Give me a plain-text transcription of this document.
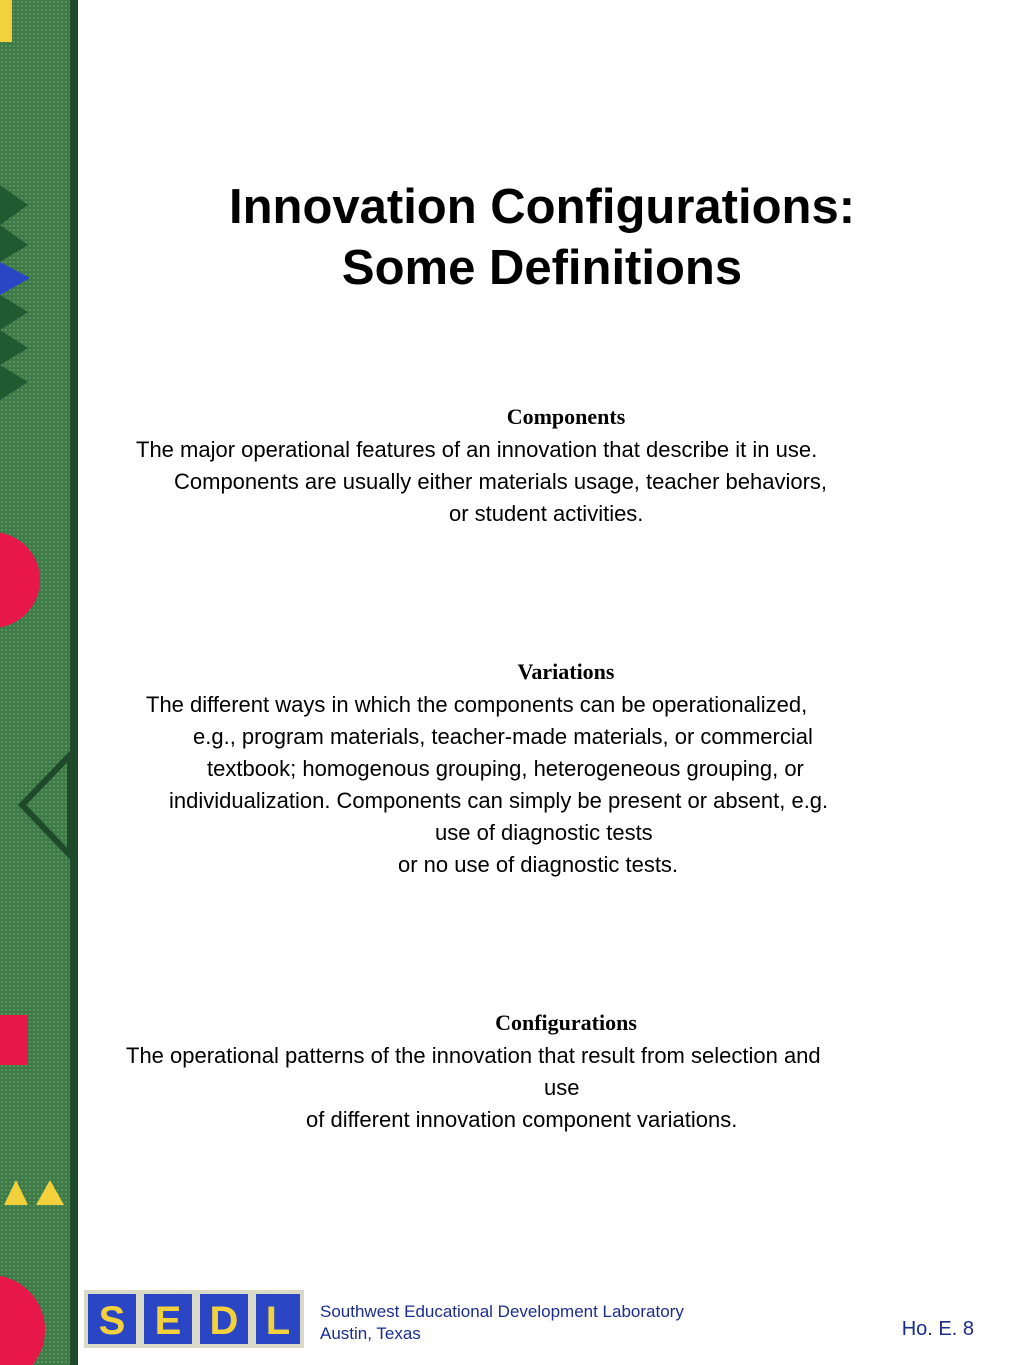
Innovation Configurations:
Some Definitions
Components
The major operational features of an innovation that describe it in use.
Components are usually either materials usage, teacher behaviors,
or student activities.
Variations
The different ways in which the components can be operationalized,
e.g., program materials, teacher-made materials, or commercial
textbook; homogenous grouping, heterogeneous grouping, or
individualization. Components can simply be present or absent, e.g.
use of diagnostic tests
or no use of diagnostic tests.
Configurations
The operational patterns of the innovation that result from selection and
use
of different innovation component variations.
S E D L Southwest Educational Development Laboratory
Austin, Texas	Ho. E. 8
